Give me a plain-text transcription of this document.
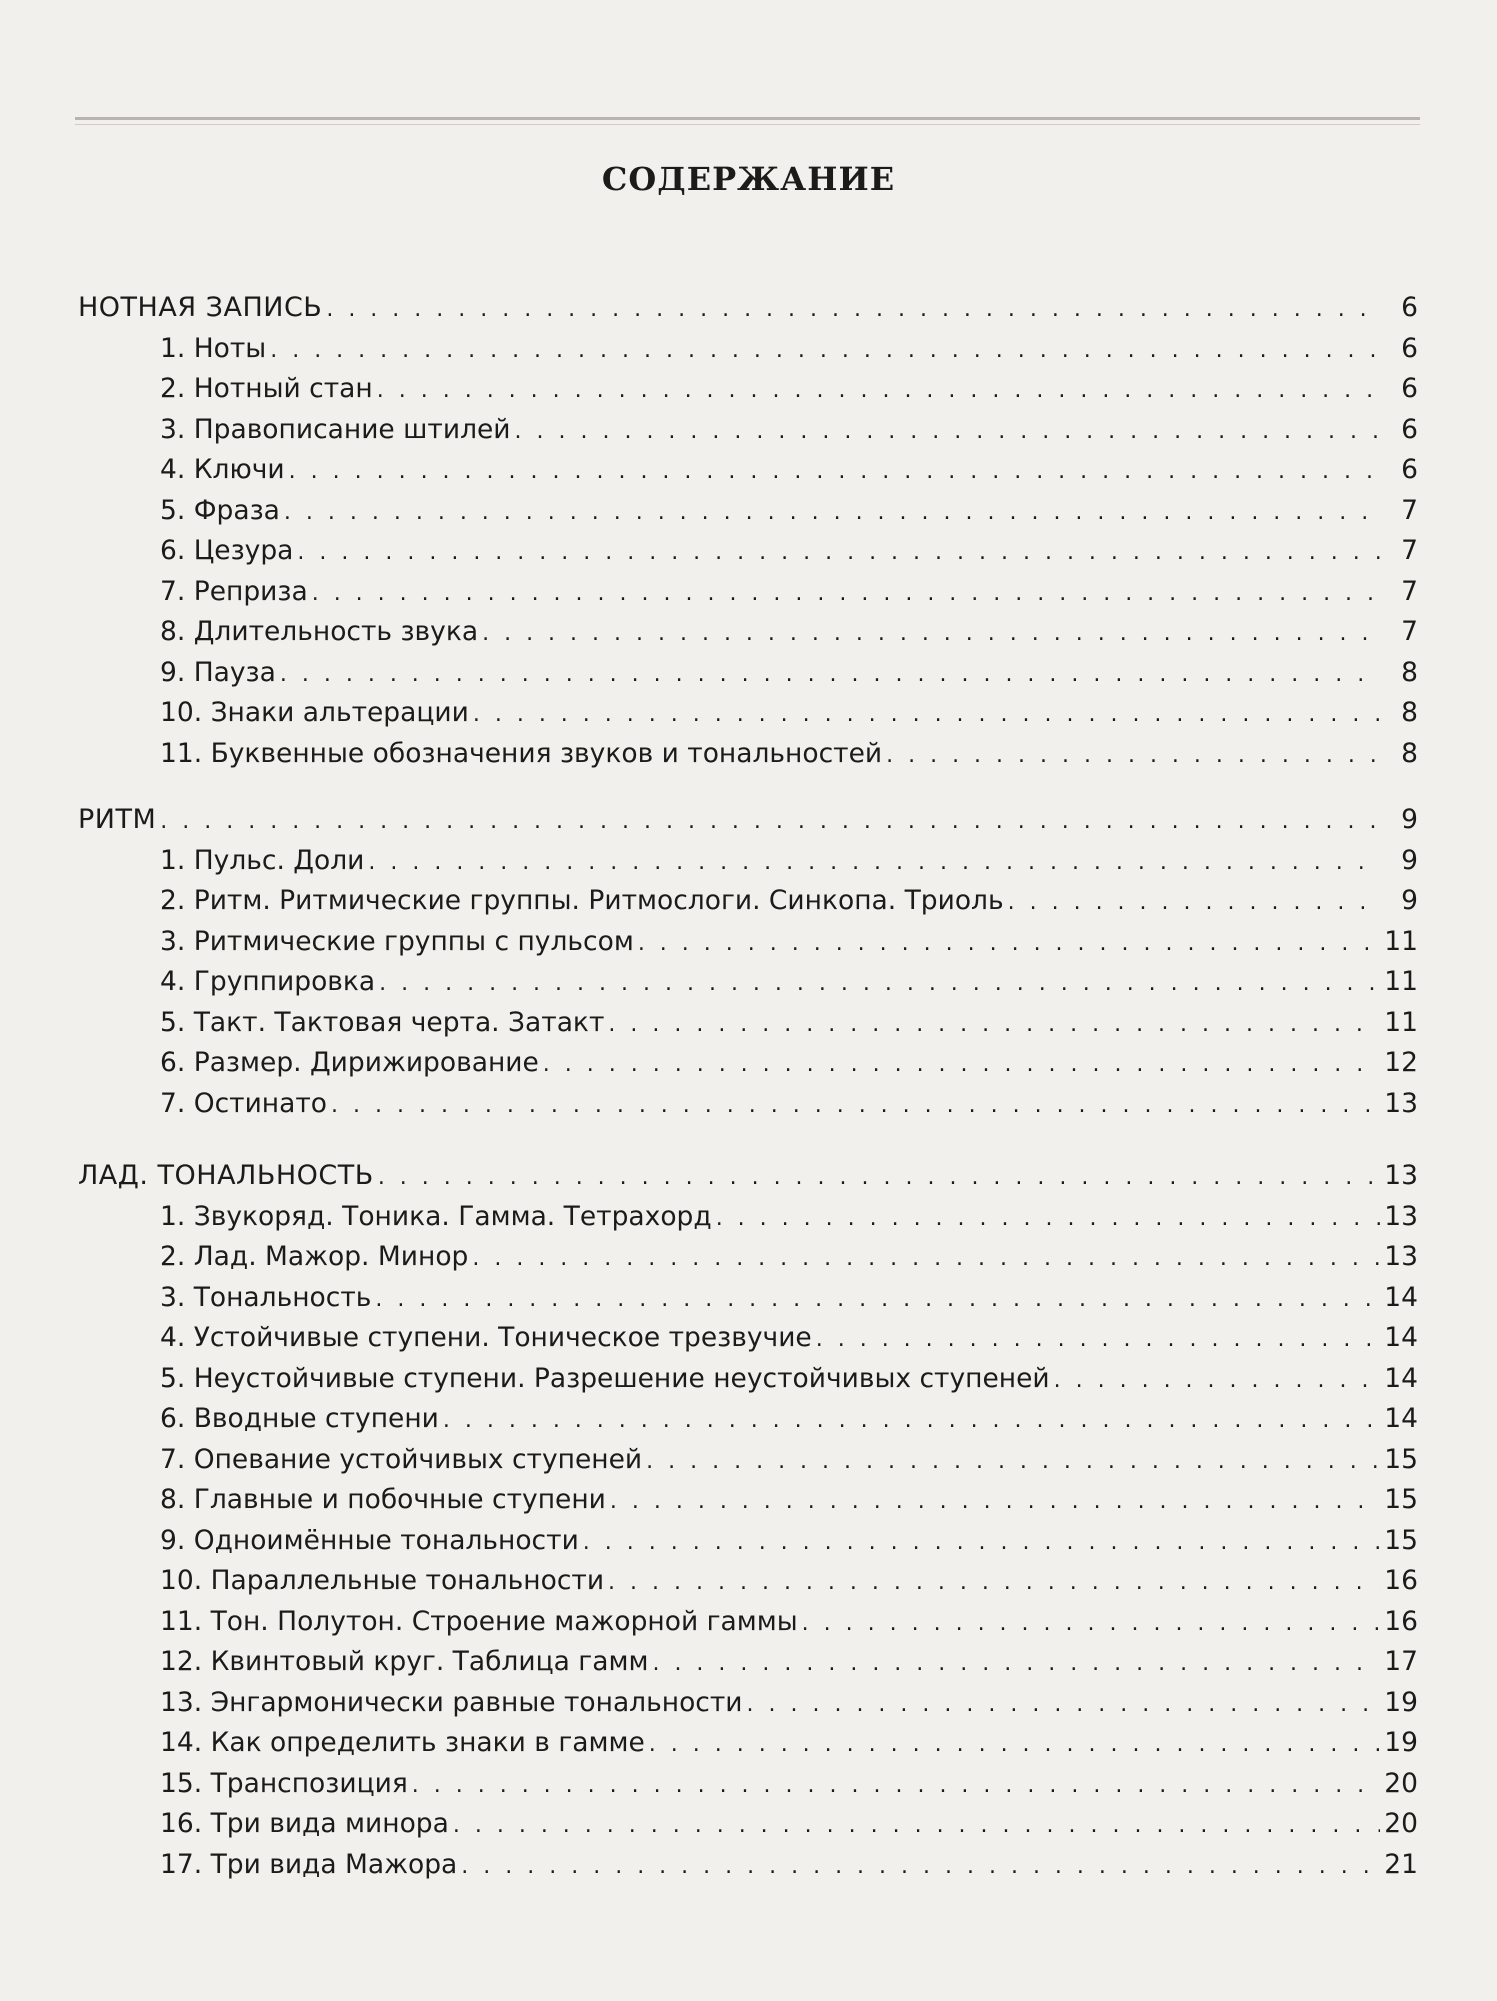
СОДЕРЖАНИЕ
НОТНАЯ ЗАПИСЬ . . .	6
1. Ноты . . .	6
2. Нотный стан . . .	6
3. Правописание штилей . . .	6
4. Ключи . . .	6
5. Фраза . . .	7
6. Цезура . . .	7
7. Реприза . . .	7
8. Длительность звука . . .	7
9. Пауза . . .	8
10. Знаки альтерации . . .	8
11. Буквенные обозначения звуков и тональностей . . .	8
РИТМ . . .	9
1. Пульс. Доли . . .	9
2. Ритм. Ритмические группы. Ритмослоги. Синкопа. Триоль . . .	9
3. Ритмические группы с пульсом . . .	11
4. Группировка . . .	11
5. Такт. Тактовая черта. Затакт . . .	11
6. Размер. Дирижирование . . .	12
7. Остинато . . .	13
ЛАД. ТОНАЛЬНОСТЬ . . .	13
1. Звукоряд. Тоника. Гамма. Тетрахорд . . .	13
2. Лад. Мажор. Минор . . .	13
3. Тональность . . .	14
4. Устойчивые ступени. Тоническое трезвучие . . .	14
5. Неустойчивые ступени. Разрешение неустойчивых ступеней . . .	14
6. Вводные ступени . . .	14
7. Опевание устойчивых ступеней . . .	15
8. Главные и побочные ступени . . .	15
9. Одноимённые тональности . . .	15
10. Параллельные тональности . . .	16
11. Тон. Полутон. Строение мажорной гаммы . . .	16
12. Квинтовый круг. Таблица гамм . . .	17
13. Энгармонически равные тональности . . .	19
14. Как определить знаки в гамме . . .	19
15. Транспозиция . . .	20
16. Три вида минора . . .	20
17. Три вида Мажора . . .	21
